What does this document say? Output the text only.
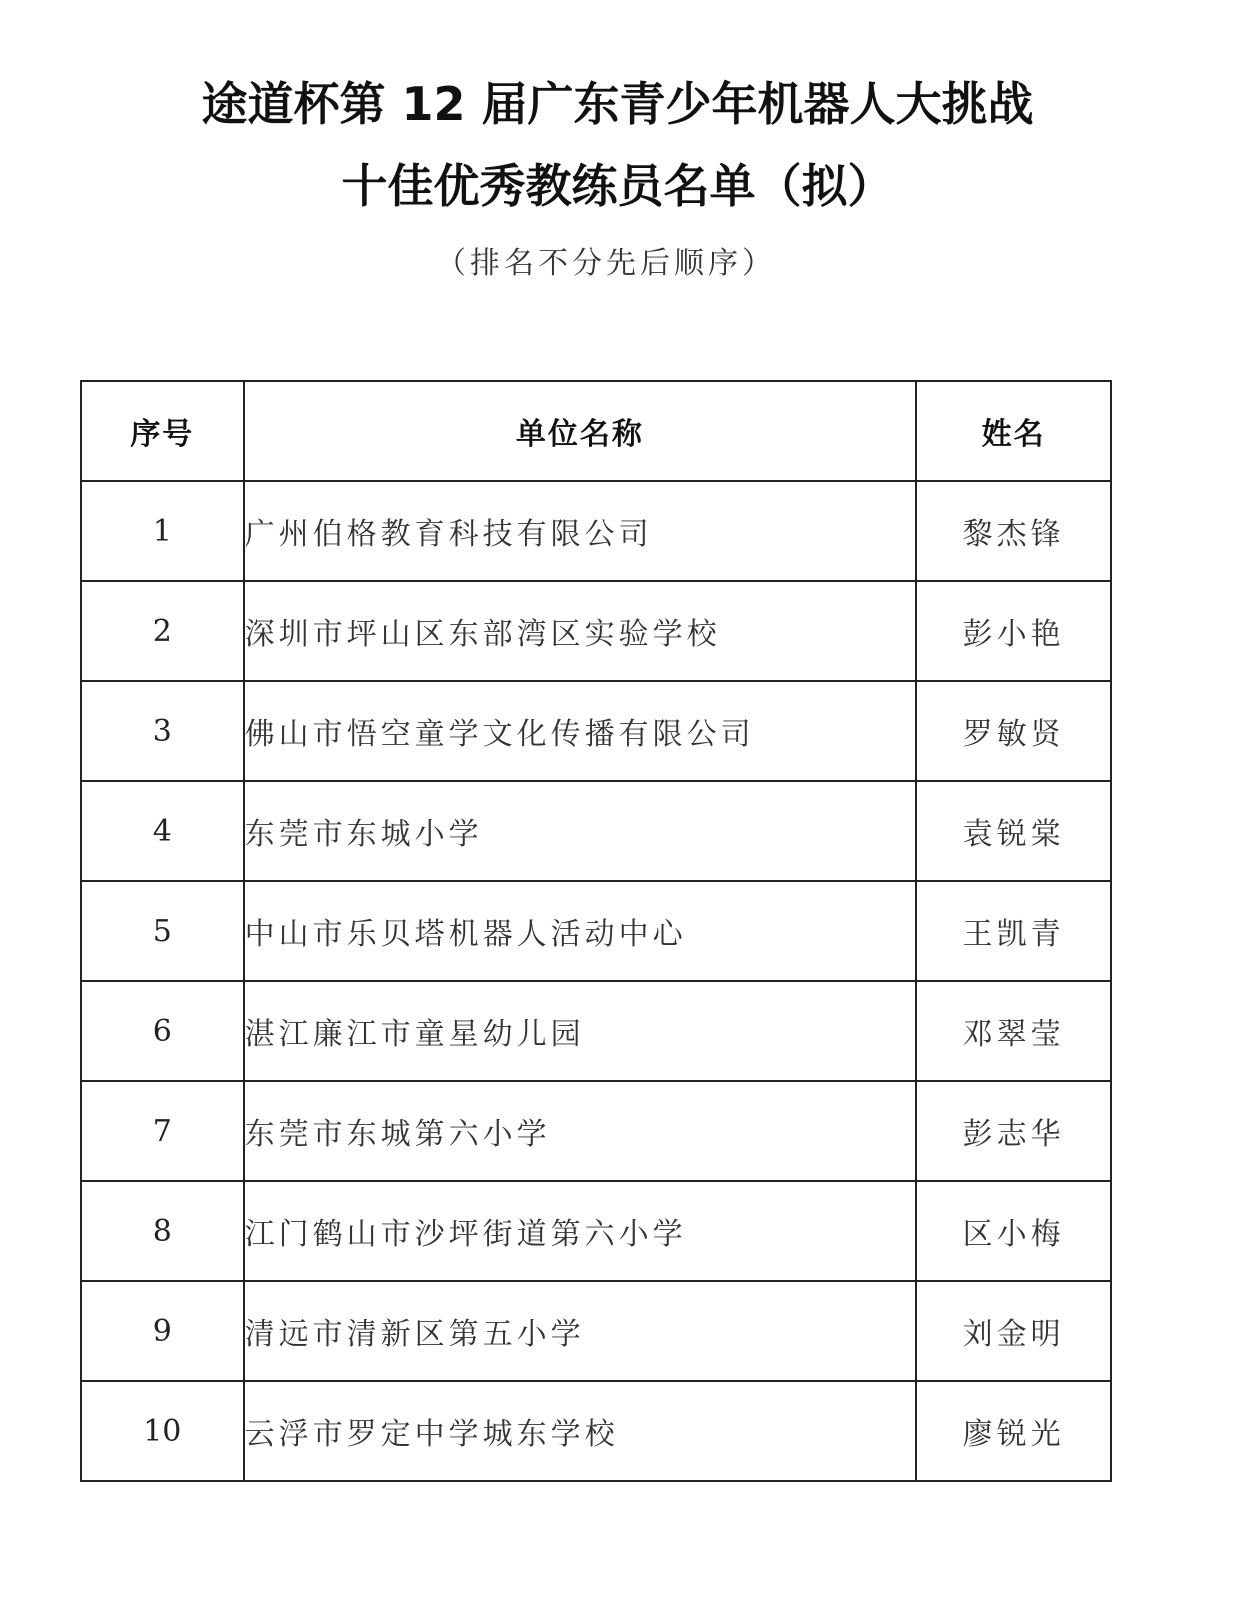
途道杯第 12 届广东青少年机器人大挑战
十佳优秀教练员名单（拟）
（排名不分先后顺序）
序号	单位名称	姓名
1	广州伯格教育科技有限公司	黎杰锋
2	深圳市坪山区东部湾区实验学校	彭小艳
3	佛山市悟空童学文化传播有限公司	罗敏贤
4	东莞市东城小学	袁锐棠
5	中山市乐贝塔机器人活动中心	王凯青
6	湛江廉江市童星幼儿园	邓翠莹
7	东莞市东城第六小学	彭志华
8	江门鹤山市沙坪街道第六小学	区小梅
9	清远市清新区第五小学	刘金明
10	云浮市罗定中学城东学校	廖锐光
